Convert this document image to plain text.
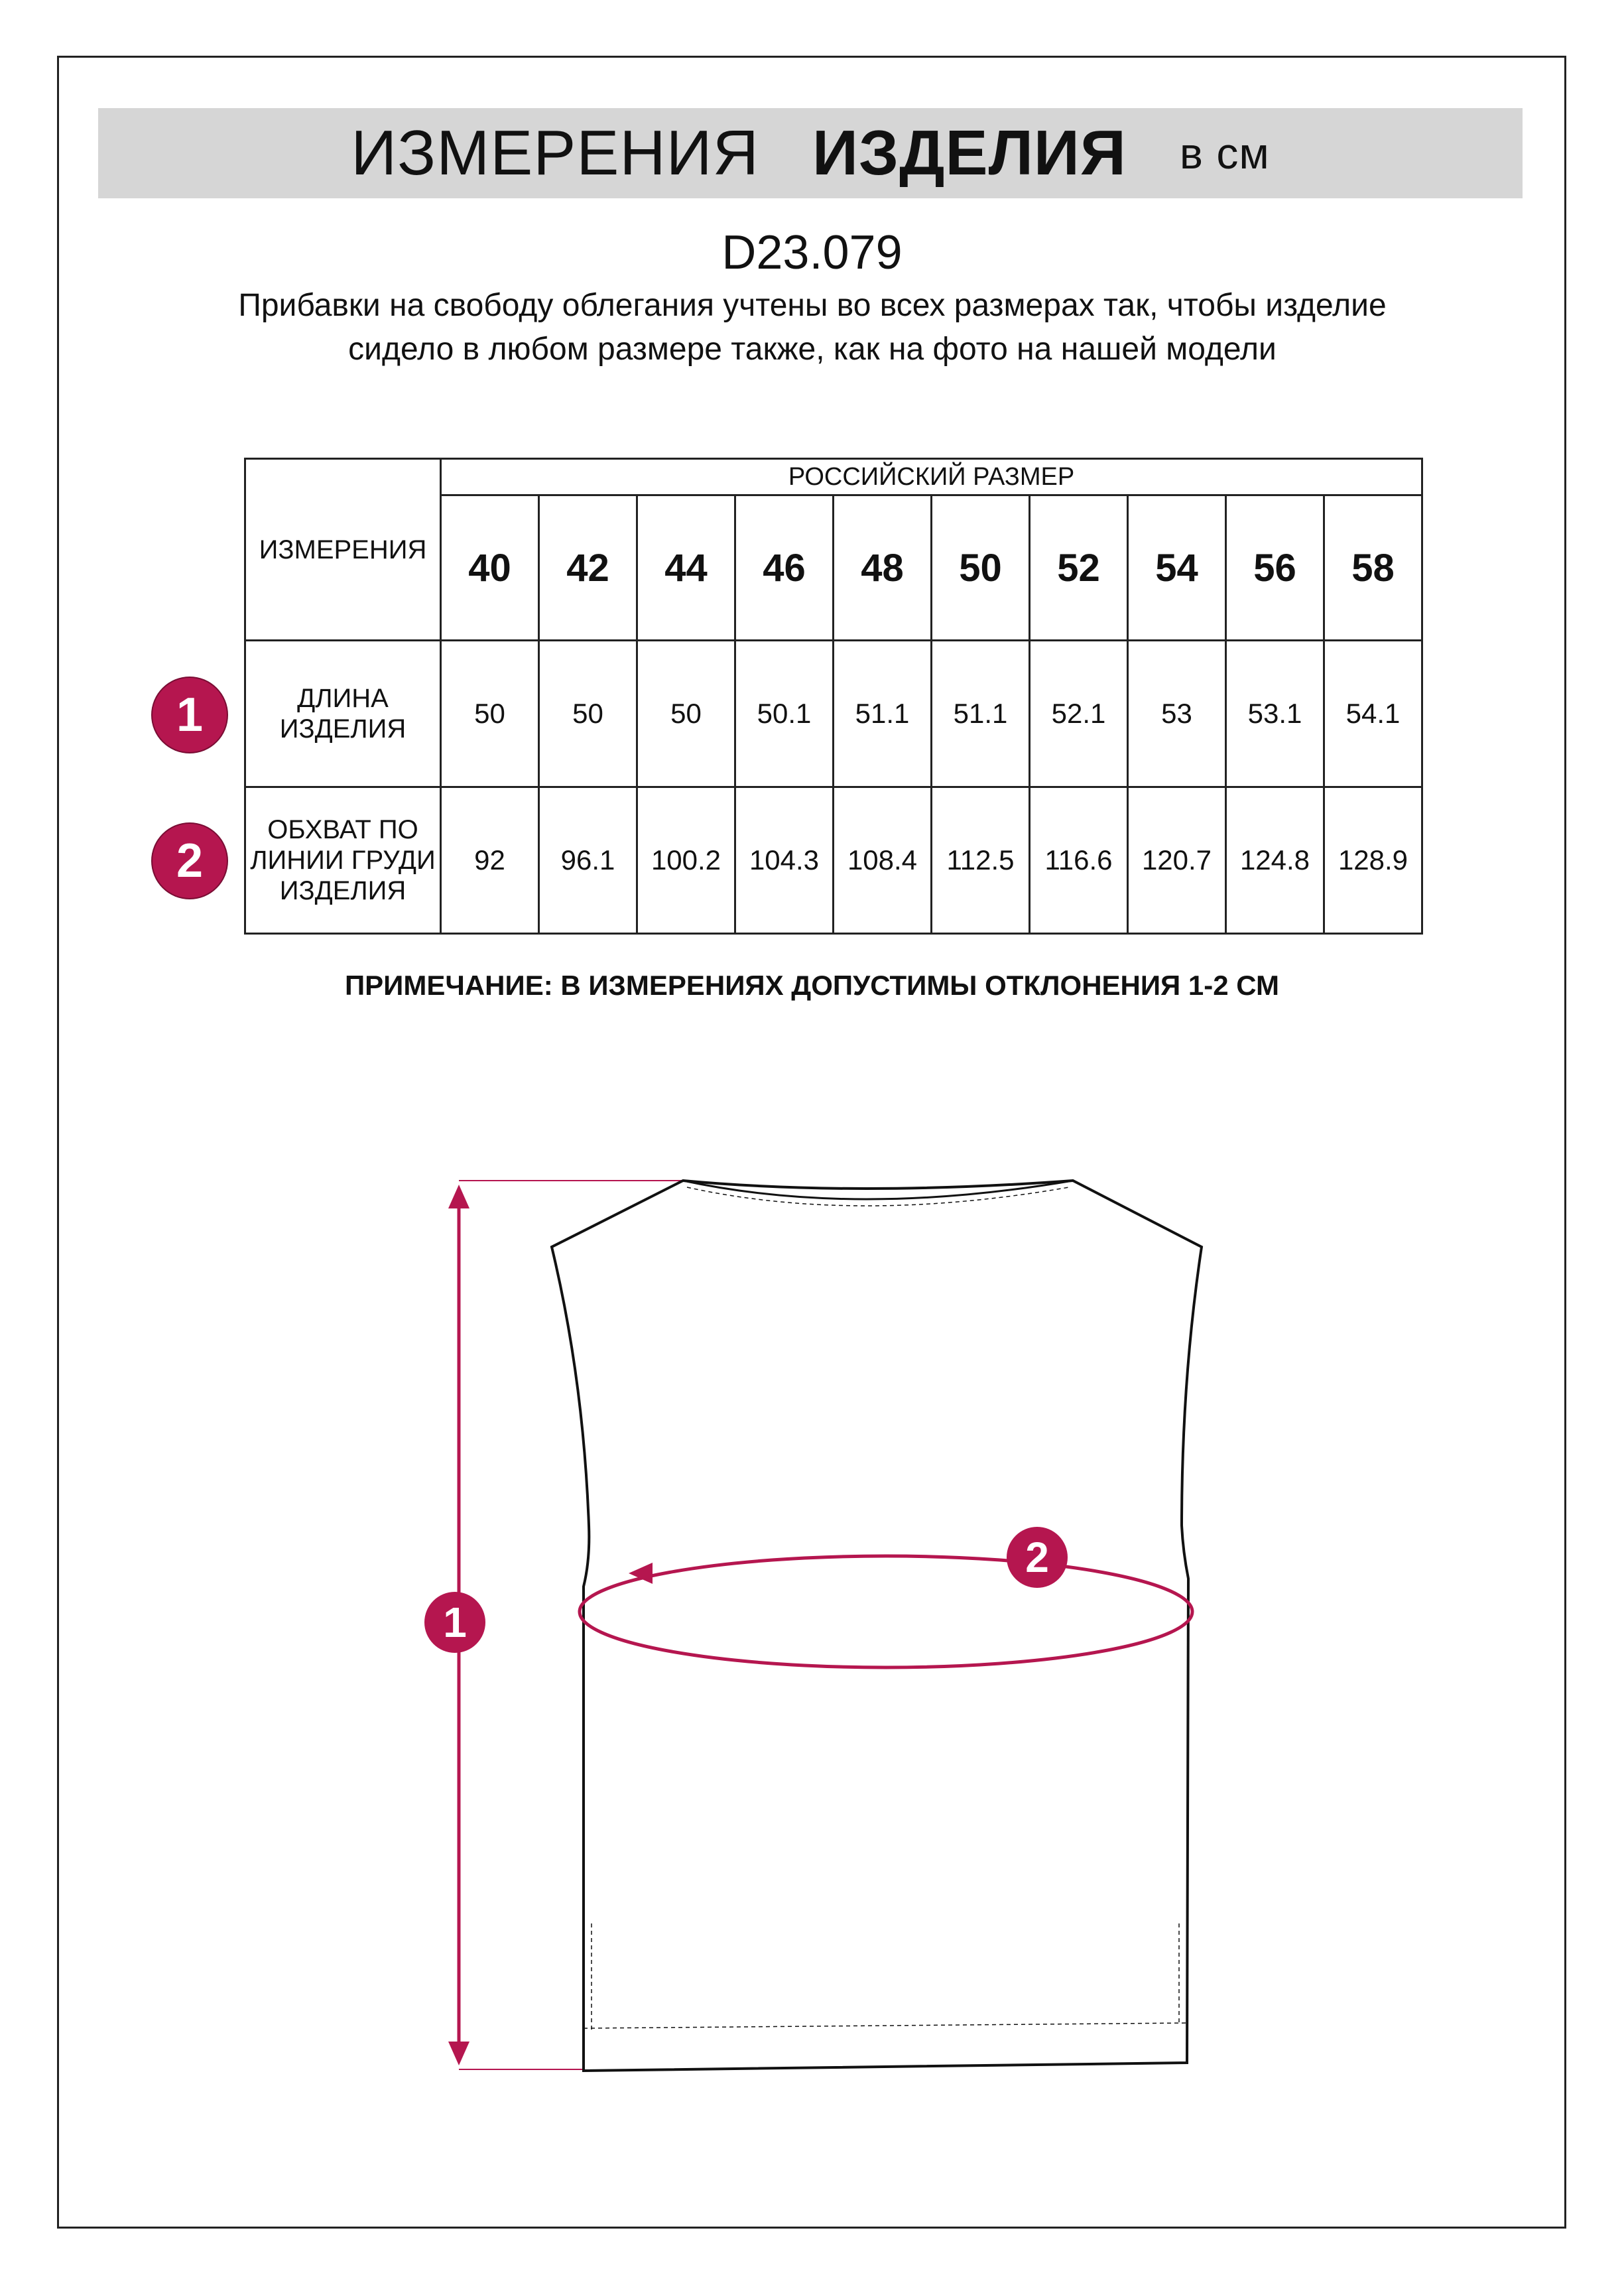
ИЗМЕРЕНИЯ ИЗДЕЛИЯ в см
D23.079
Прибавки на свободу облегания учтены во всех размерах так, чтобы изделие сидело в любом размере также, как на фото на нашей модели
ИЗМЕРЕНИЯ	РОССИЙСКИЙ РАЗМЕР									
	40	42	44	46	48	50	52	54	56	58
ДЛИНА ИЗДЕЛИЯ	50	50	50	50.1	51.1	51.1	52.1	53	53.1	54.1
ОБХВАТ ПО ЛИНИИ ГРУДИ ИЗДЕЛИЯ	92	96.1	100.2	104.3	108.4	112.5	116.6	120.7	124.8	128.9
1
2
ПРИМЕЧАНИЕ: В ИЗМЕРЕНИЯХ ДОПУСТИМЫ ОТКЛОНЕНИЯ 1-2 СМ
1
2
